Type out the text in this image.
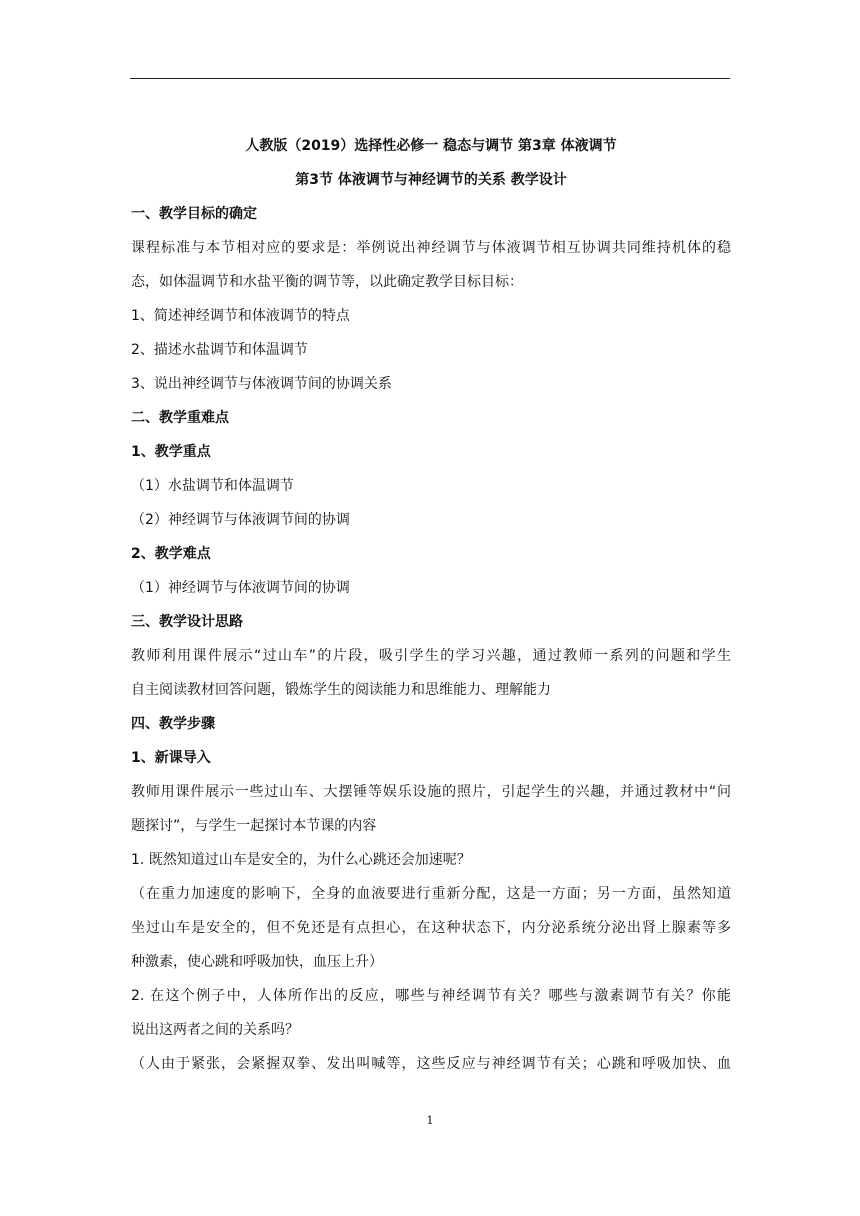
人教版（2019）选择性必修一 稳态与调节 第3章 体液调节

第3节 体液调节与神经调节的关系 教学设计

一、教学目标的确定

课程标准与本节相对应的要求是：举例说出神经调节与体液调节相互协调共同维持机体的稳

态，如体温调节和水盐平衡的调节等，以此确定教学目标目标：

1、简述神经调节和体液调节的特点

2、描述水盐调节和体温调节

3、说出神经调节与体液调节间的协调关系

二、教学重难点

1、教学重点

（1）水盐调节和体温调节

（2）神经调节与体液调节间的协调

2、教学难点

（1）神经调节与体液调节间的协调

三、教学设计思路

教师利用课件展示“过山车”的片段，吸引学生的学习兴趣，通过教师一系列的问题和学生

自主阅读教材回答问题，锻炼学生的阅读能力和思维能力、理解能力

四、教学步骤

1、新课导入

教师用课件展示一些过山车、大摆锤等娱乐设施的照片，引起学生的兴趣，并通过教材中“问

题探讨”，与学生一起探讨本节课的内容

1. 既然知道过山车是安全的，为什么心跳还会加速呢？

（在重力加速度的影响下，全身的血液要进行重新分配，这是一方面；另一方面，虽然知道

坐过山车是安全的，但不免还是有点担心，在这种状态下，内分泌系统分泌出肾上腺素等多

种激素，使心跳和呼吸加快，血压上升）

2. 在这个例子中，人体所作出的反应，哪些与神经调节有关？哪些与激素调节有关？你能

说出这两者之间的关系吗？

（人由于紧张，会紧握双拳、发出叫喊等，这些反应与神经调节有关；心跳和呼吸加快、血

1
